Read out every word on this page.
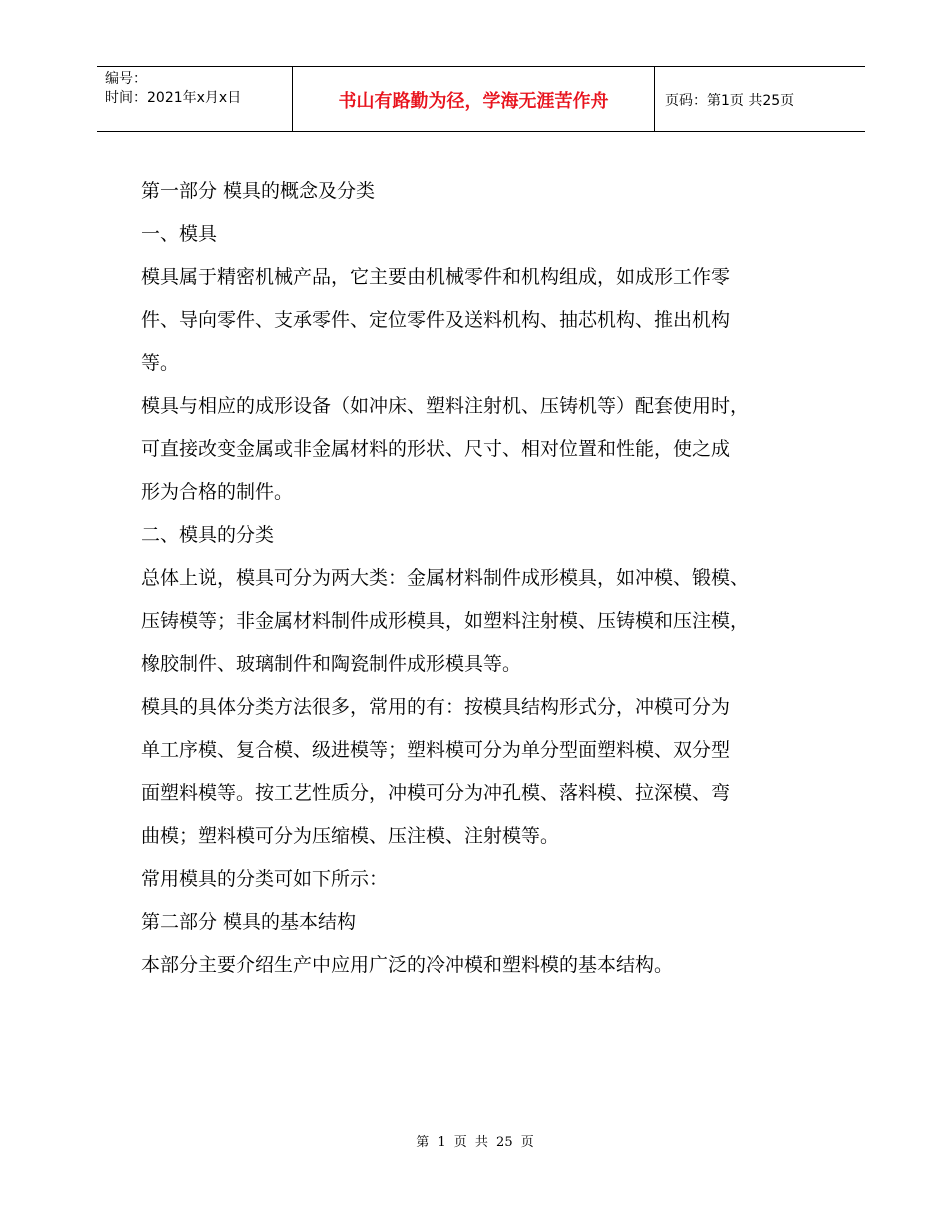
编号：
时间：2021年x月x日	书山有路勤为径，学海无涯苦作舟	页码：第1页 共25页

第一部分 模具的概念及分类

一、模具

模具属于精密机械产品，它主要由机械零件和机构组成，如成形工作零

件、导向零件、支承零件、定位零件及送料机构、抽芯机构、推出机构

等。

模具与相应的成形设备（如冲床、塑料注射机、压铸机等）配套使用时，

可直接改变金属或非金属材料的形状、尺寸、相对位置和性能，使之成

形为合格的制件。

二、模具的分类

总体上说，模具可分为两大类：金属材料制件成形模具，如冲模、锻模、

压铸模等；非金属材料制件成形模具，如塑料注射模、压铸模和压注模，

橡胶制件、玻璃制件和陶瓷制件成形模具等。

模具的具体分类方法很多，常用的有：按模具结构形式分，冲模可分为

单工序模、复合模、级进模等；塑料模可分为单分型面塑料模、双分型

面塑料模等。按工艺性质分，冲模可分为冲孔模、落料模、拉深模、弯

曲模；塑料模可分为压缩模、压注模、注射模等。

常用模具的分类可如下所示：

第二部分 模具的基本结构

本部分主要介绍生产中应用广泛的冷冲模和塑料模的基本结构。

第 1 页 共 25 页
